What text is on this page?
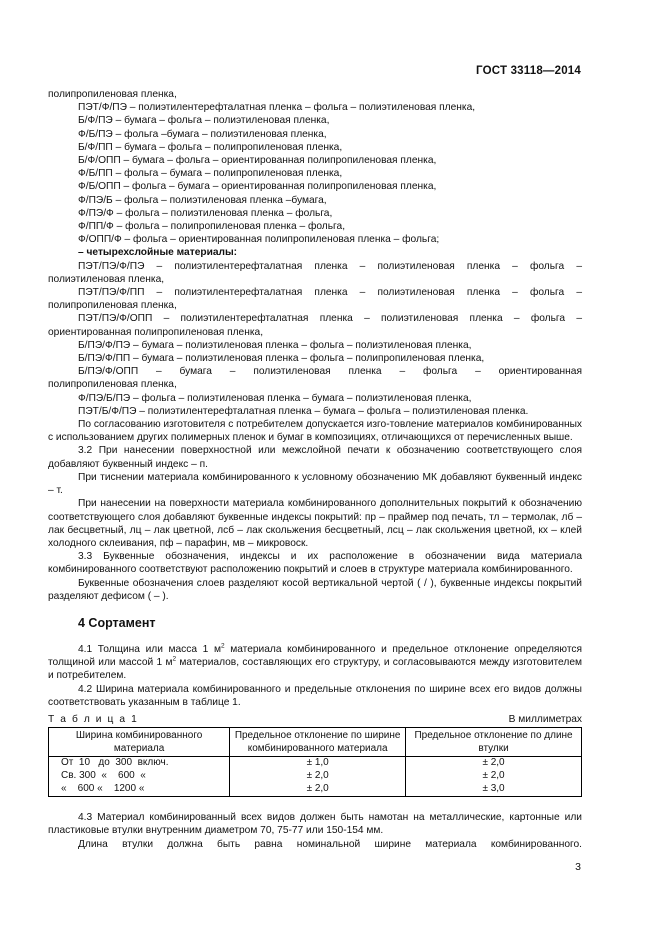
ГОСТ 33118—2014

полипропиленовая пленка,

ПЭТ/Ф/ПЭ – полиэтилентерефталатная пленка – фольга – полиэтиленовая пленка,

Б/Ф/ПЭ – бумага – фольга – полиэтиленовая пленка,

Ф/Б/ПЭ – фольга –бумага – полиэтиленовая пленка,

Б/Ф/ПП – бумага – фольга – полипропиленовая пленка,

Б/Ф/ОПП – бумага – фольга – ориентированная полипропиленовая пленка,

Ф/Б/ПП – фольга – бумага – полипропиленовая пленка,

Ф/Б/ОПП – фольга – бумага – ориентированная полипропиленовая пленка,

Ф/ПЭ/Б – фольга – полиэтиленовая пленка –бумага,

Ф/ПЭ/Ф – фольга – полиэтиленовая пленка – фольга,

Ф/ПП/Ф – фольга – полипропиленовая пленка – фольга,

Ф/ОПП/Ф – фольга – ориентированная полипропиленовая пленка – фольга;

– четырехслойные материалы:

ПЭТ/ПЭ/Ф/ПЭ – полиэтилентерефталатная пленка – полиэтиленовая пленка – фольга –

полиэтиленовая пленка,

ПЭТ/ПЭ/Ф/ПП – полиэтилентерефталатная пленка – полиэтиленовая пленка – фольга –

полипропиленовая пленка,

ПЭТ/ПЭ/Ф/ОПП – полиэтилентерефталатная пленка – полиэтиленовая пленка – фольга –

ориентированная полипропиленовая пленка,

Б/ПЭ/Ф/ПЭ – бумага – полиэтиленовая пленка – фольга – полиэтиленовая пленка,

Б/ПЭ/Ф/ПП – бумага – полиэтиленовая пленка – фольга – полипропиленовая пленка,

Б/ПЭ/Ф/ОПП – бумага – полиэтиленовая пленка – фольга – ориентированная

полипропиленовая пленка,

Ф/ПЭ/Б/ПЭ – фольга – полиэтиленовая пленка – бумага – полиэтиленовая пленка,

ПЭТ/Б/Ф/ПЭ – полиэтилентерефталатная пленка – бумага – фольга – полиэтиленовая пленка.

По согласованию изготовителя с потребителем допускается изго-товление материалов комбинированных с использованием других полимерных пленок и бумаг в композициях, отличающихся от перечисленных выше.

3.2 При нанесении поверхностной или межслойной печати к обозначению соответствующего слоя добавляют буквенный индекс – п.

При тиснении материала комбинированного к условному обозначению МК добавляют буквенный индекс – т.

При нанесении на поверхности материала комбинированного дополнительных покрытий к обозначению соответствующего слоя добавляют буквенные индексы покрытий: пр – праймер под печать, тл – термолак, лб – лак бесцветный, лц – лак цветной, лсб – лак скольжения бесцветный, лсц – лак скольжения цветной, кх – клей холодного склеивания, пф – парафин, мв – микровоск.

3.3 Буквенные обозначения, индексы и их расположение в обозначении вида материала комбинированного соответствуют расположению покрытий и слоев в структуре материала комбинированного.

Буквенные обозначения слоев разделяют косой вертикальной чертой ( / ), буквенные индексы покрытий разделяют дефисом ( – ).

4 Сортамент

4.1 Толщина или масса 1 $м^2$ материала комбинированного и предельное отклонение определяются толщиной или массой 1 $м^2$ материалов, составляющих его структуру, и согласовываются между изготовителем и потребителем.

4.2 Ширина материала комбинированного и предельные отклонения по ширине всех его видов должны соответствовать указанным в таблице 1.

Т а б л и ц а 1	В миллиметрах
Ширина комбинированного материала	Предельное отклонение по ширине комбинированного материала	Предельное отклонение по длине втулки
От  10   до  300  включ.	± 1,0	± 2,0
Св. 300  «    600  «	± 2,0	± 2,0
«    600 «    1200 «	± 2,0	± 3,0

4.3 Материал комбинированный всех видов должен быть намотан на металлические, картонные или пластиковые втулки внутренним диаметром 70, 75-77 или 150-154 мм.

Длина втулки должна быть равна номинальной ширине материала комбинированного.

3
